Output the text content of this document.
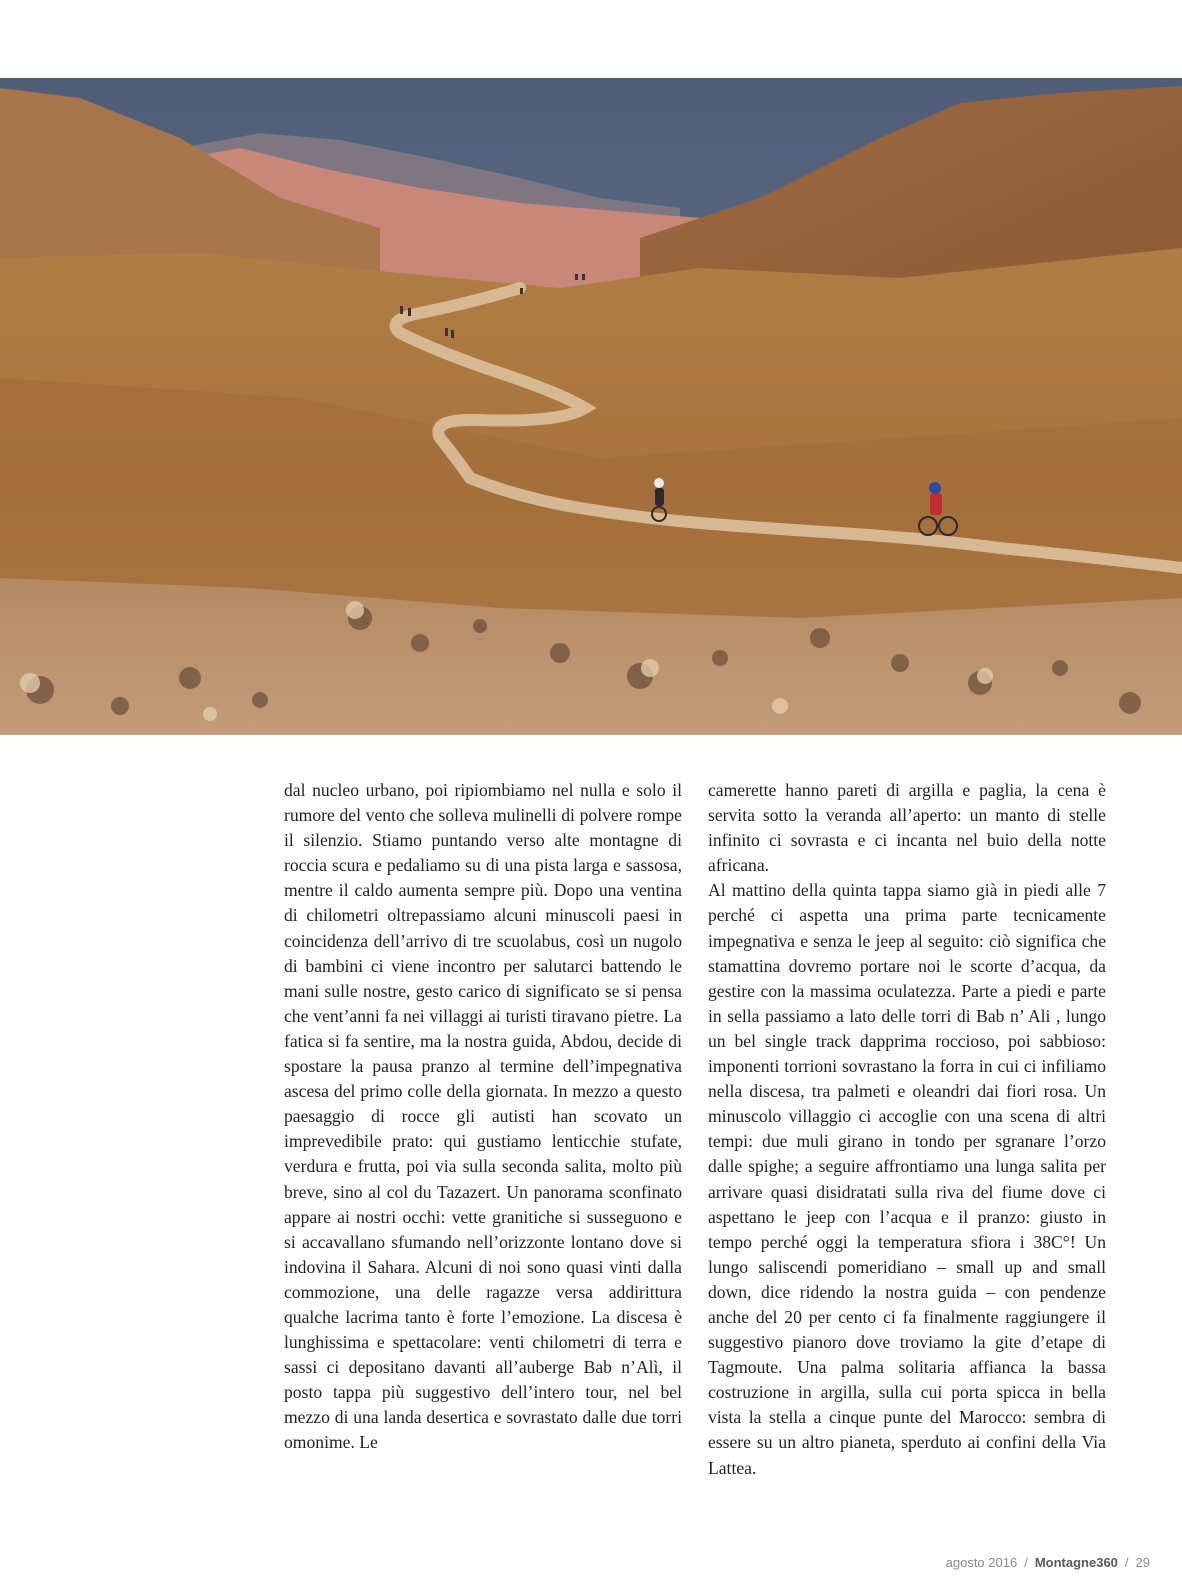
dal nucleo urbano, poi ripiombiamo nel nulla e solo il rumore del vento che solleva mulinelli di polvere rompe il silenzio. Stiamo puntando verso alte montagne di roccia scura e pedaliamo su di una pista larga e sassosa, mentre il caldo aumenta sempre più. Dopo una ventina di chilometri oltrepassiamo alcuni minuscoli paesi in coincidenza dell’arrivo di tre scuolabus, così un nugolo di bambini ci viene incontro per salutarci battendo le mani sulle nostre, gesto carico di significato se si pensa che vent’anni fa nei villaggi ai turisti tiravano pietre. La fatica si fa sentire, ma la nostra guida, Abdou, decide di spostare la pausa pranzo al termine dell’impegnativa ascesa del primo colle della giornata. In mezzo a questo paesaggio di rocce gli autisti han scovato un imprevedibile prato: qui gustiamo lenticchie stufate, verdura e frutta, poi via sulla seconda salita, molto più breve, sino al col du Tazazert. Un panorama sconfinato appare ai nostri occhi: vette granitiche si susseguono e si accavallano sfumando nell’orizzonte lontano dove si indovina il Sahara. Alcuni di noi sono quasi vinti dalla commozione, una delle ragazze versa addirittura qualche lacrima tanto è forte l’emozione. La discesa è lunghissima e spettacolare: venti chilometri di terra e sassi ci depositano davanti all’auberge Bab n’Alì, il posto tappa più suggestivo dell’intero tour, nel bel mezzo di una landa desertica e sovrastato dalle due torri omonime. Le

camerette hanno pareti di argilla e paglia, la cena è servita sotto la veranda all’aperto: un manto di stelle infinito ci sovrasta e ci incanta nel buio della notte africana.

Al mattino della quinta tappa siamo già in piedi alle 7 perché ci aspetta una prima parte tecnicamente impegnativa e senza le jeep al seguito: ciò significa che stamattina dovremo portare noi le scorte d’acqua, da gestire con la massima oculatezza. Parte a piedi e parte in sella passiamo a lato delle torri di Bab n’ Ali , lungo un bel single track dapprima roccioso, poi sabbioso: imponenti torrioni sovrastano la forra in cui ci infiliamo nella discesa, tra palmeti e oleandri dai fiori rosa. Un minuscolo villaggio ci accoglie con una scena di altri tempi: due muli girano in tondo per sgranare l’orzo dalle spighe; a seguire affrontiamo una lunga salita per arrivare quasi disidratati sulla riva del fiume dove ci aspettano le jeep con l’acqua e il pranzo: giusto in tempo perché oggi la temperatura sfiora i 38C°! Un lungo saliscendi pomeridiano – small up and small down, dice ridendo la nostra guida – con pendenze anche del 20 per cento ci fa finalmente raggiungere il suggestivo pianoro dove troviamo la gite d’etape di Tagmoute. Una palma solitaria affianca la bassa costruzione in argilla, sulla cui porta spicca in bella vista la stella a cinque punte del Marocco: sembra di essere su un altro pianeta, sperduto ai confini della Via Lattea.

agosto 2016 / Montagne360 / 29
